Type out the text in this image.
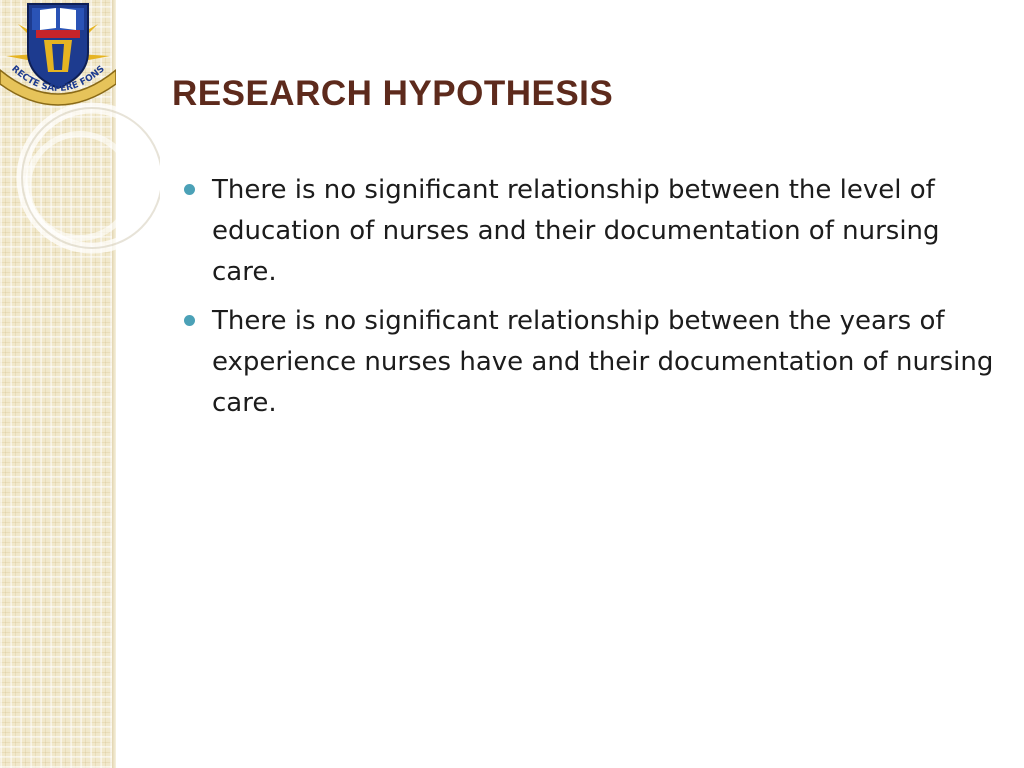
RECTE SAPERE FONS
RESEARCH HYPOTHESIS
There is no significant relationship between the level of education of nurses and their documentation of nursing care.
There is no significant relationship between the years of experience nurses have and their documentation of nursing care.
